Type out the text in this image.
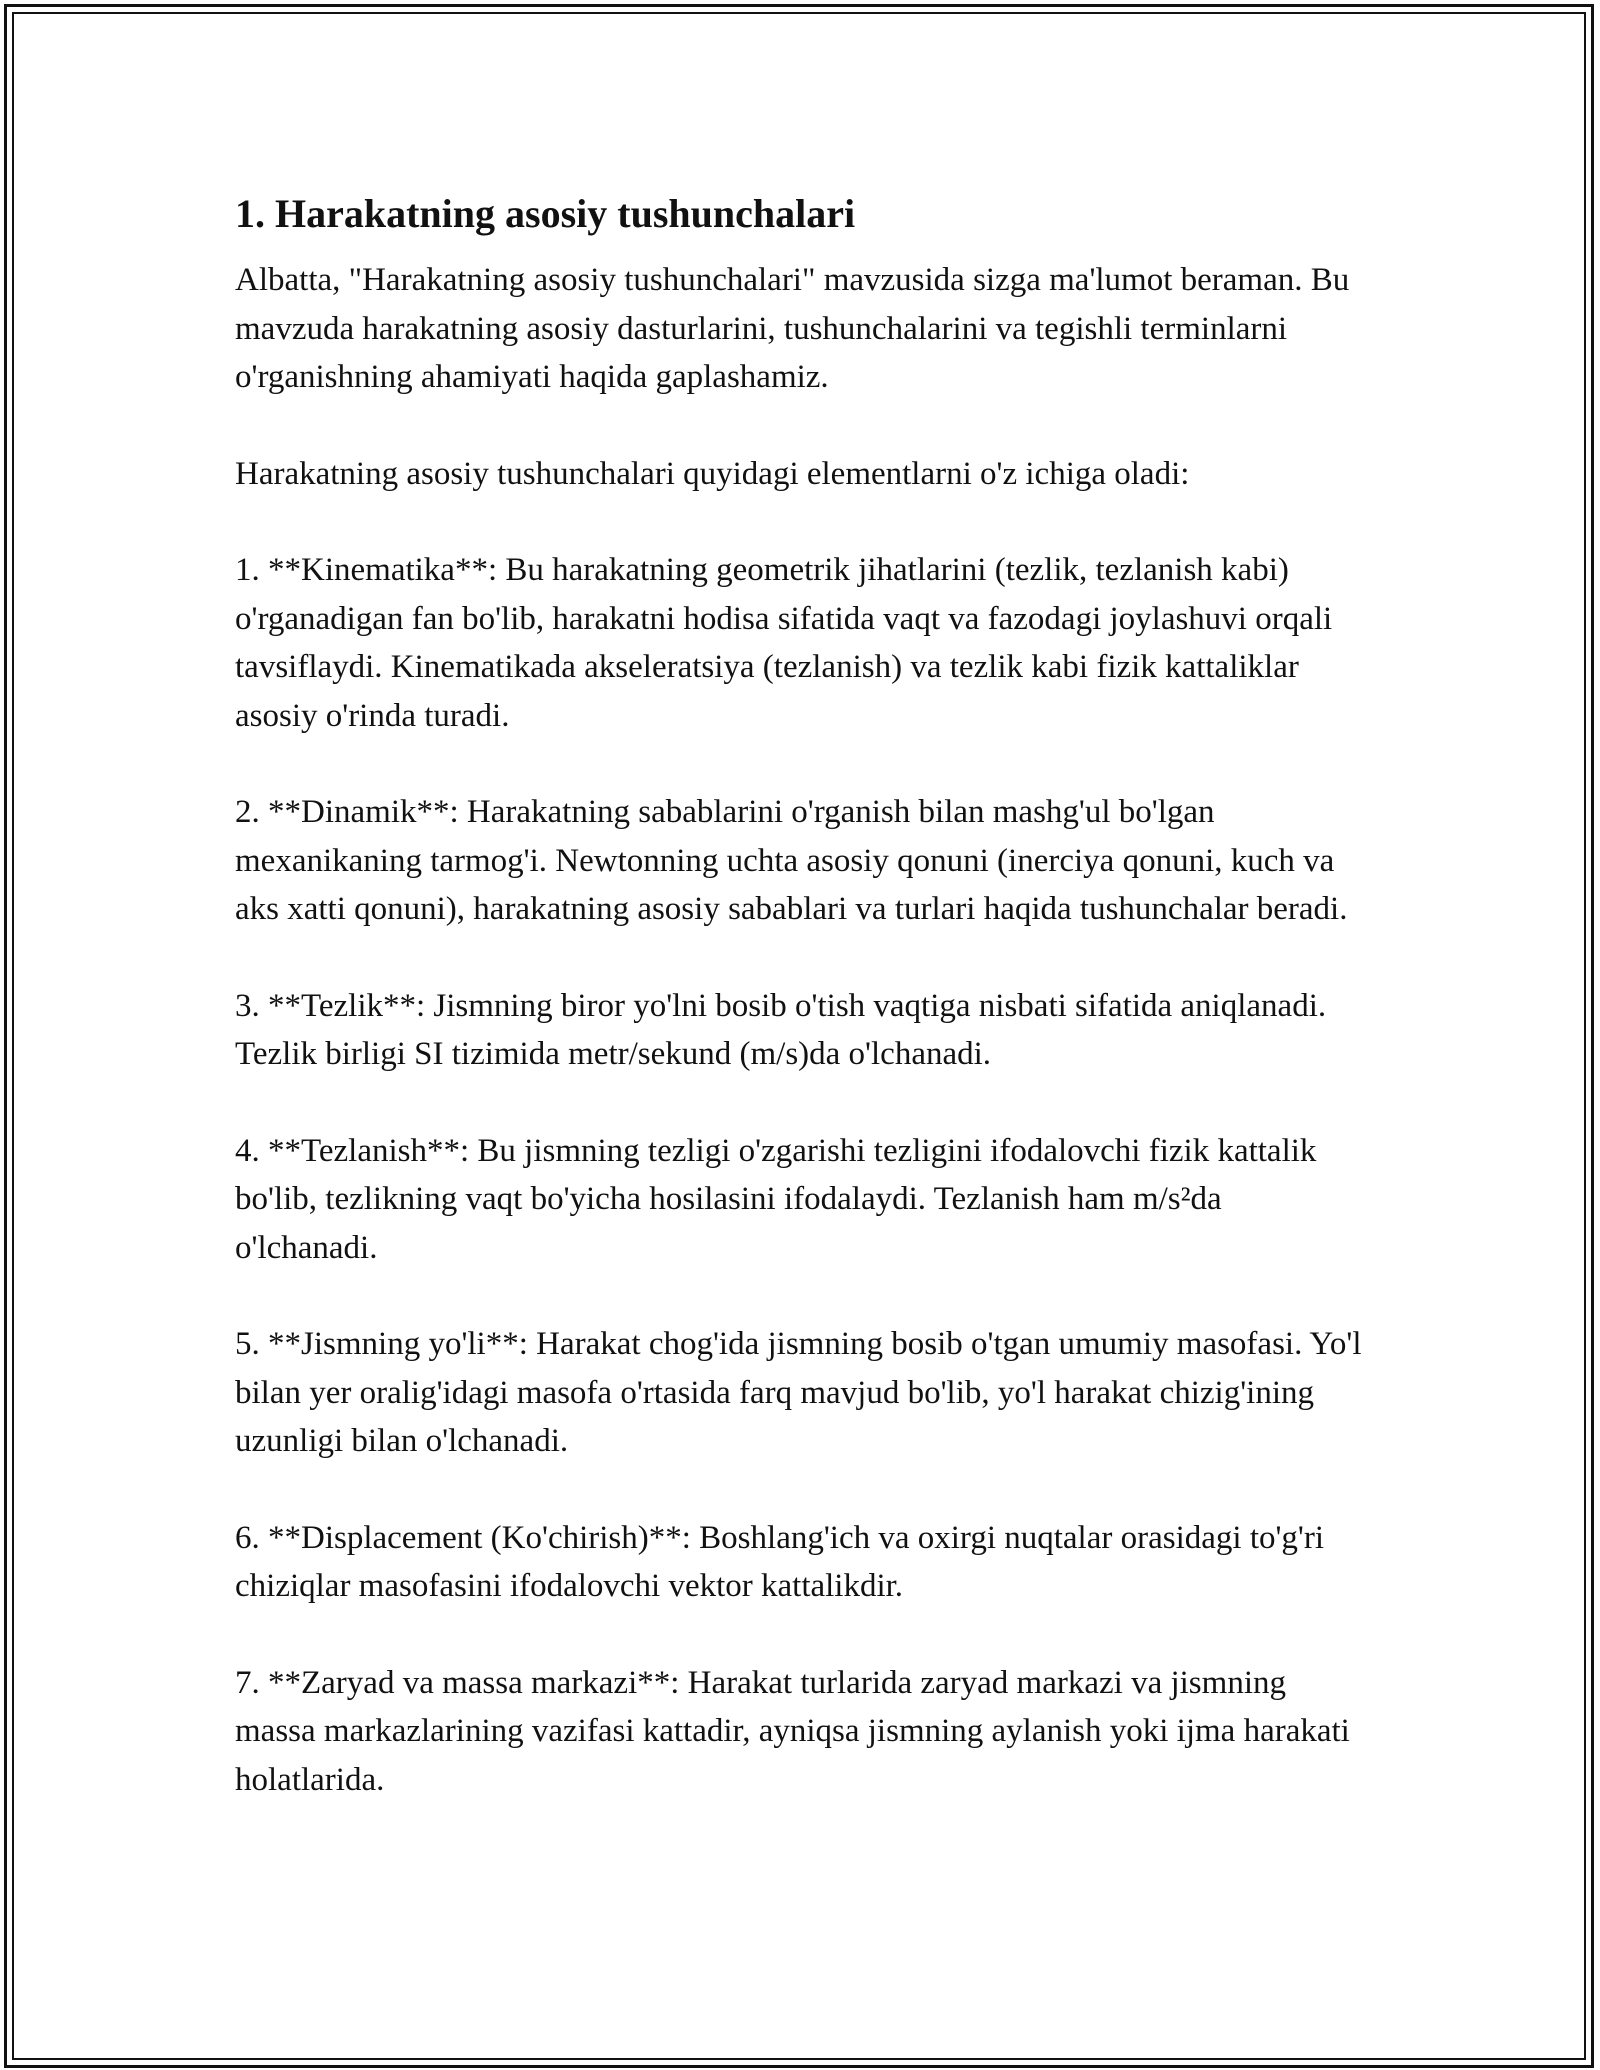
1. Harakatning asosiy tushunchalari

Albatta, "Harakatning asosiy tushunchalari" mavzusida sizga ma'lumot beraman. Bu mavzuda harakatning asosiy dasturlarini, tushunchalarini va tegishli terminlarni o'rganishning ahamiyati haqida gaplashamiz.

Harakatning asosiy tushunchalari quyidagi elementlarni o'z ichiga oladi:

1. **Kinematika**: Bu harakatning geometrik jihatlarini (tezlik, tezlanish kabi) o'rganadigan fan bo'lib, harakatni hodisa sifatida vaqt va fazodagi joylashuvi orqali tavsiflaydi. Kinematikada akseleratsiya (tezlanish) va tezlik kabi fizik kattaliklar asosiy o'rinda turadi.

2. **Dinamik**: Harakatning sabablarini o'rganish bilan mashg'ul bo'lgan mexanikaning tarmog'i. Newtonning uchta asosiy qonuni (inerciya qonuni, kuch va aks xatti qonuni), harakatning asosiy sabablari va turlari haqida tushunchalar beradi.

3. **Tezlik**: Jismning biror yo'lni bosib o'tish vaqtiga nisbati sifatida aniqlanadi. Tezlik birligi SI tizimida metr/sekund (m/s)da o'lchanadi.

4. **Tezlanish**: Bu jismning tezligi o'zgarishi tezligini ifodalovchi fizik kattalik bo'lib, tezlikning vaqt bo'yicha hosilasini ifodalaydi. Tezlanish ham m/s²da o'lchanadi.

5. **Jismning yo'li**: Harakat chog'ida jismning bosib o'tgan umumiy masofasi. Yo'l bilan yer oralig'idagi masofa o'rtasida farq mavjud bo'lib, yo'l harakat chizig'ining uzunligi bilan o'lchanadi.

6. **Displacement (Ko'chirish)**: Boshlang'ich va oxirgi nuqtalar orasidagi to'g'ri chiziqlar masofasini ifodalovchi vektor kattalikdir.

7. **Zaryad va massa markazi**: Harakat turlarida zaryad markazi va jismning massa markazlarining vazifasi kattadir, ayniqsa jismning aylanish yoki ijma harakati holatlarida.
